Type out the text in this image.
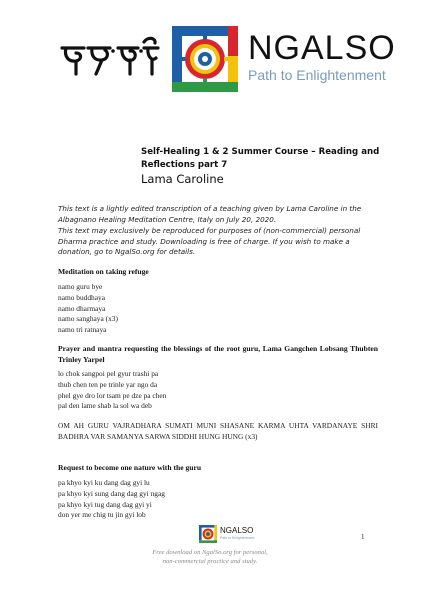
NGALSO
Path to Enlightenment
Self-Healing 1 & 2 Summer Course – Reading and Reflections part 7
Lama Caroline
This text is a lightly edited transcription of a teaching given by Lama Caroline in the Albagnano Healing Meditation Centre, Italy on July 20, 2020.
This text may exclusively be reproduced for purposes of (non-commercial) personal Dharma practice and study. Downloading is free of charge. If you wish to make a donation, go to NgalSo.org for details.
Meditation on taking refuge
namo guru bye
namo buddhaya
namo dharmaya
namo sanghaya (x3)
namo tri ratnaya
Prayer and mantra requesting the blessings of the root guru, Lama Gangchen Lobsang Thubten Trinley Yarpel
lo chok sangpoi pel gyur trashi pa
thub chen ten pe trinle yar ngo da
phel gye dro lor tsam pe dze pa chen
pal den lame shab la sol wa deb
OM AH GURU VAJRADHARA SUMATI MUNI SHASANE KARMA UHTA VARDANAYE SHRI BADHRA VAR SAMANYA SARWA SIDDHI HUNG HUNG (x3)
Request to become one nature with the guru
pa khyo kyi ku dang dag gyi lu
pa khyo kyi sung dang dag gyi ngag
pa khyo kyi tug dang dag gyi yi
don yer me chig tu jin gyi lob
1
NGALSO
Path to Enlightenment
Free download on NgalSo.org for personal,
non-commercial practice and study.
